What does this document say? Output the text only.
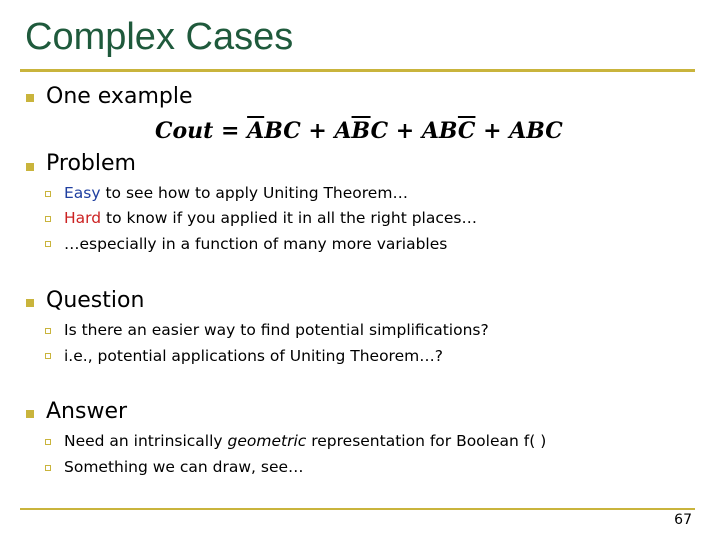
Complex Cases
One example
Cout = $\overline{A}BC + A\overline{B}C + AB\overline{C}$ + ABC
Problem
Easy to see how to apply Uniting Theorem…
Hard to know if you applied it in all the right places…
…especially in a function of many more variables
Question
Is there an easier way to find potential simplifications?
i.e., potential applications of Uniting Theorem…?
Answer
Need an intrinsically geometric representation for Boolean f( )
Something we can draw, see…
67
